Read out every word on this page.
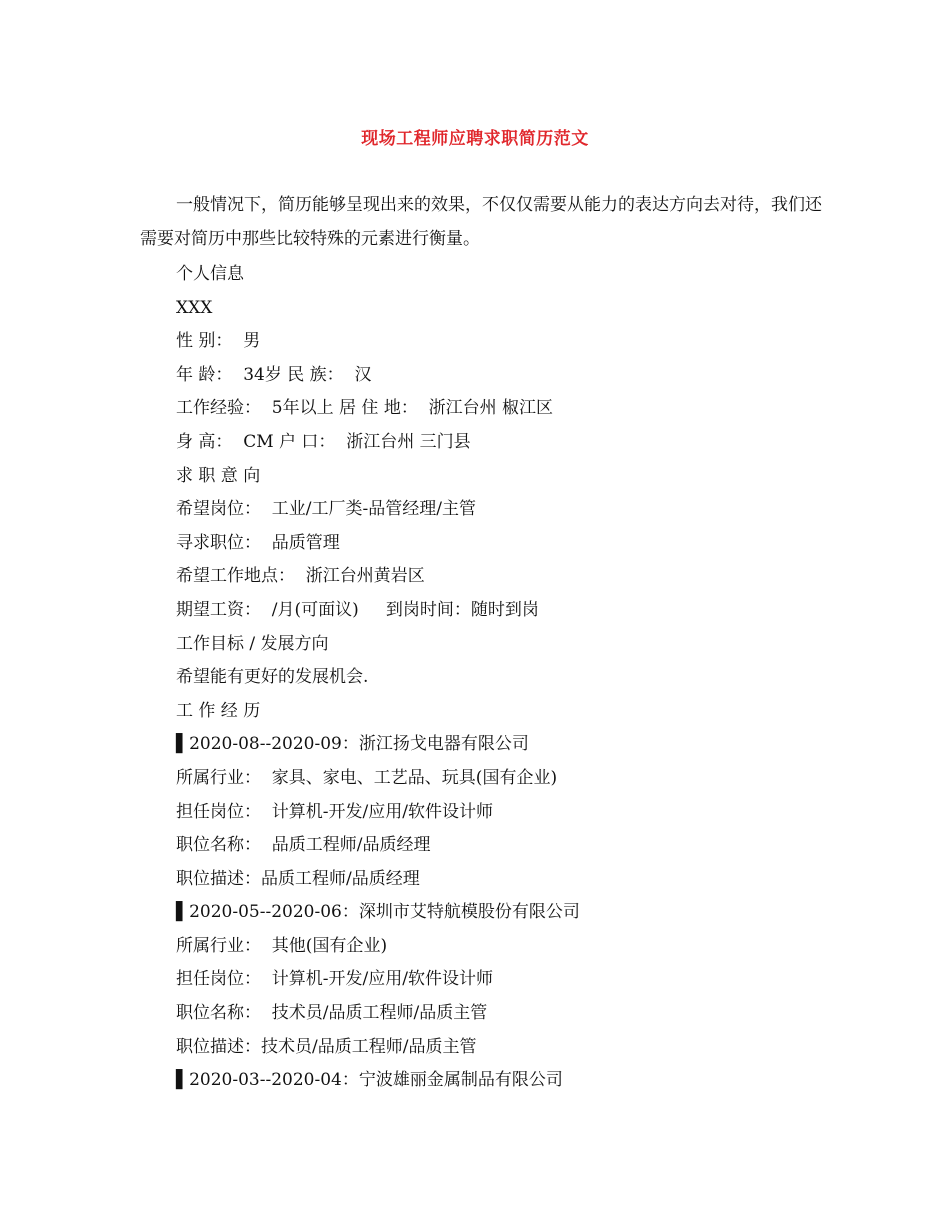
现场工程师应聘求职简历范文

一般情况下，简历能够呈现出来的效果，不仅仅需要从能力的表达方向去对待，我们还需要对简历中那些比较特殊的元素进行衡量。

个人信息
XXX
性 别：  男
年 龄：  34岁 民 族：  汉
工作经验：  5年以上 居 住 地：  浙江台州 椒江区
身 高：  CM 户 口：  浙江台州 三门县
求 职 意 向
希望岗位：  工业/工厂类-品管经理/主管
寻求职位：  品质管理
希望工作地点：  浙江台州黄岩区
期望工资：  /月(可面议)     到岗时间：随时到岗
工作目标 / 发展方向
希望能有更好的发展机会.
工 作 经 历
▌2020-08--2020-09：浙江扬戈电器有限公司
所属行业：  家具、家电、工艺品、玩具(国有企业)
担任岗位：  计算机-开发/应用/软件设计师
职位名称：  品质工程师/品质经理
职位描述：品质工程师/品质经理
▌2020-05--2020-06：深圳市艾特航模股份有限公司
所属行业：  其他(国有企业)
担任岗位：  计算机-开发/应用/软件设计师
职位名称：  技术员/品质工程师/品质主管
职位描述：技术员/品质工程师/品质主管
▌2020-03--2020-04：宁波雄丽金属制品有限公司
